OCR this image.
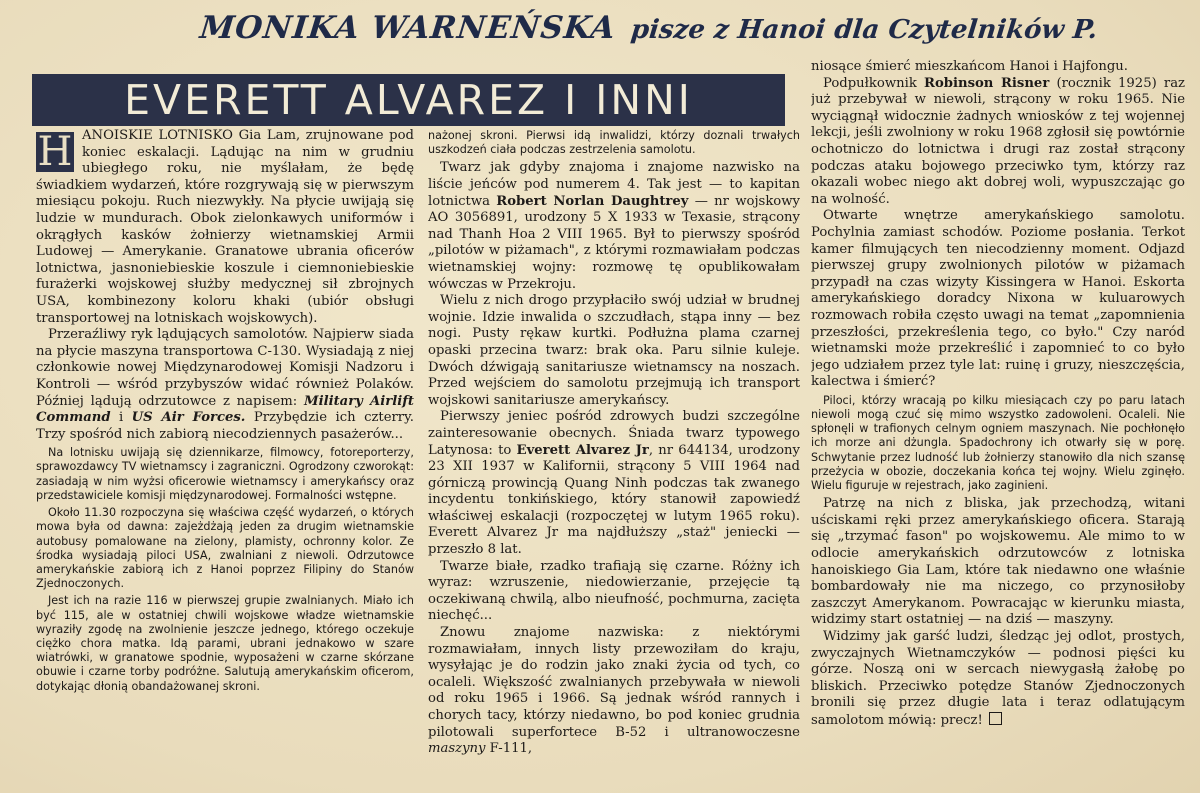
MONIKA WARNEŃSKA pisze z Hanoi dla Czytelników P.
EVERETT ALVAREZ I INNI

H ANOISKIE LOTNISKO Gia Lam, zrujnowane pod koniec eskalacji. Lądując na nim w grudniu ubiegłego roku, nie myślałam, że będę świadkiem wydarzeń, które rozgrywają się w pierwszym miesiącu pokoju. Ruch niezwykły. Na płycie uwijają się ludzie w mundurach. Obok zielonkawych uniformów i okrągłych kasków żołnierzy wietnamskiej Armii Ludowej — Amerykanie. Granatowe ubrania oficerów lotnictwa, jasnoniebieskie koszule i ciemnoniebieskie furażerki wojskowej służby medycznej sił zbrojnych USA, kombinezony koloru khaki (ubiór obsługi transportowej na lotniskach wojskowych).

Przeraźliwy ryk lądujących samolotów. Najpierw siada na płycie maszyna transportowa C-130. Wysiadają z niej członkowie nowej Międzynarodowej Komisji Nadzoru i Kontroli — wśród przybyszów widać również Polaków. Później lądują odrzutowce z napisem: Military Airlift Command i US Air Forces. Przybędzie ich czterry. Trzy spośród nich zabiorą niecodziennych pasażerów...

Na lotnisku uwijają się dziennikarze, filmowcy, fotoreporterzy, sprawozdawcy TV wietnamscy i zagraniczni. Ogrodzony czworokąt: zasiadają w nim wyżsi oficerowie wietnamscy i amerykańscy oraz przedstawiciele komisji międzynarodowej. Formalności wstępne.

Około 11.30 rozpoczyna się właściwa część wydarzeń, o których mowa była od dawna: zajeżdżają jeden za drugim wietnamskie autobusy pomalowane na zielony, plamisty, ochronny kolor. Ze środka wysiadają piloci USA, zwalniani z niewoli. Odrzutowce amerykańskie zabiorą ich z Hanoi poprzez Filipiny do Stanów Zjednoczonych.

Jest ich na razie 116 w pierwszej grupie zwalnianych. Miało ich być 115, ale w ostatniej chwili wojskowe władze wietnamskie wyraziły zgodę na zwolnienie jeszcze jednego, którego oczekuje ciężko chora matka. Idą parami, ubrani jednakowo w szare wiatrówki, w granatowe spodnie, wyposażeni w czarne skórzane obuwie i czarne torby podróżne. Salutują amerykańskim oficerom, dotykając dłonią obandażowanej skroni.

nażonej skroni. Pierwsi idą inwalidzi, którzy doznali trwałych uszkodzeń ciała podczas zestrzelenia samolotu.

Twarz jak gdyby znajoma i znajome nazwisko na liście jeńców pod numerem 4. Tak jest — to kapitan lotnictwa Robert Norlan Daughtrey — nr wojskowy AO 3056891, urodzony 5 X 1933 w Texasie, strącony nad Thanh Hoa 2 VIII 1965. Był to pierwszy spośród „pilotów w piżamach", z którymi rozmawiałam podczas wietnamskiej wojny: rozmowę tę opublikowałam wówczas w Przekroju.

Wielu z nich drogo przypłaciło swój udział w brudnej wojnie. Idzie inwalida o szczudłach, stąpa inny — bez nogi. Pusty rękaw kurtki. Podłużna plama czarnej opaski przecina twarz: brak oka. Paru silnie kuleje. Dwóch dźwigają sanitariusze wietnamscy na noszach. Przed wejściem do samolotu przejmują ich transport wojskowi sanitariusze amerykańscy.

Pierwszy jeniec pośród zdrowych budzi szczególne zainteresowanie obecnych. Śniada twarz typowego Latynosa: to Everett Alvarez Jr, nr 644134, urodzony 23 XII 1937 w Kalifornii, strącony 5 VIII 1964 nad górniczą prowincją Quang Ninh podczas tak zwanego incydentu tonkińskiego, który stanowił zapowiedź właściwej eskalacji (rozpoczętej w lutym 1965 roku). Everett Alvarez Jr ma najdłuższy „staż" jeniecki — przeszło 8 lat.

Twarze białe, rzadko trafiają się czarne. Różny ich wyraz: wzruszenie, niedowierzanie, przejęcie tą oczekiwaną chwilą, albo nieufność, pochmurna, zacięta niechęć...

Znowu znajome nazwiska: z niektórymi rozmawiałam, innych listy przewoziłam do kraju, wysyłając je do rodzin jako znaki życia od tych, co ocaleli. Większość zwalnianych przebywała w niewoli od roku 1965 i 1966. Są jednak wśród rannych i chorych tacy, którzy niedawno, bo pod koniec grudnia pilotowali superfortece B-52 i ultranowoczesne maszyny F-111,

niosące śmierć mieszkańcom Hanoi i Hajfongu.

Podpułkownik Robinson Risner (rocznik 1925) raz już przebywał w niewoli, strącony w roku 1965. Nie wyciągnął widocznie żadnych wniosków z tej wojennej lekcji, jeśli zwolniony w roku 1968 zgłosił się powtórnie ochotniczo do lotnictwa i drugi raz został strącony podczas ataku bojowego przeciwko tym, którzy raz okazali wobec niego akt dobrej woli, wypuszczając go na wolność.

Otwarte wnętrze amerykańskiego samolotu. Pochylnia zamiast schodów. Poziome posłania. Terkot kamer filmujących ten niecodzienny moment. Odjazd pierwszej grupy zwolnionych pilotów w piżamach przypadł na czas wizyty Kissingera w Hanoi. Eskorta amerykańskiego doradcy Nixona w kuluarowych rozmowach robiła często uwagi na temat „zapomnienia przeszłości, przekreślenia tego, co było." Czy naród wietnamski może przekreślić i zapomnieć to co było jego udziałem przez tyle lat: ruinę i gruzy, nieszczęścia, kalectwa i śmierć?

Piloci, którzy wracają po kilku miesiącach czy po paru latach niewoli mogą czuć się mimo wszystko zadowoleni. Ocaleli. Nie spłonęli w trafionych celnym ogniem maszynach. Nie pochłonęło ich morze ani dżungla. Spadochrony ich otwarły się w porę. Schwytanie przez ludność lub żołnierzy stanowiło dla nich szansę przeżycia w obozie, doczekania końca tej wojny. Wielu zginęło. Wielu figuruje w rejestrach, jako zaginieni.

Patrzę na nich z bliska, jak przechodzą, witani uściskami ręki przez amerykańskiego oficera. Starają się „trzymać fason" po wojskowemu. Ale mimo to w odlocie amerykańskich odrzutowców z lotniska hanoiskiego Gia Lam, które tak niedawno one właśnie bombardowały nie ma niczego, co przynosiłoby zaszczyt Amerykanom. Powracając w kierunku miasta, widzimy start ostatniej — na dziś — maszyny.

Widzimy jak garść ludzi, śledząc jej odlot, prostych, zwyczajnych Wietnamczyków — podnosi pięści ku górze. Noszą oni w sercach niewygasłą żałobę po bliskich. Przeciwko potędze Stanów Zjednoczonych bronili się przez długie lata i teraz odlatującym samolotom mówią: precz!
